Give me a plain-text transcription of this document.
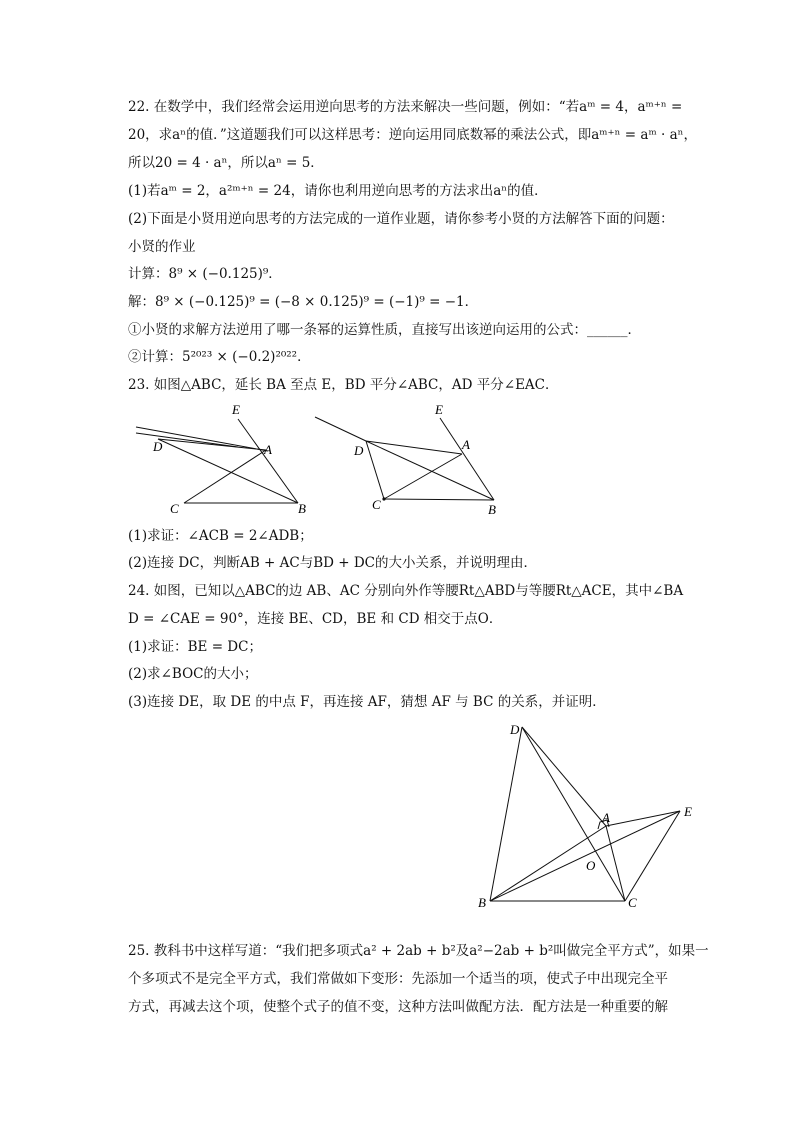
22. 在数学中，我们经常会运用逆向思考的方法来解决一些问题，例如：“若aᵐ = 4，aᵐ⁺ⁿ =
20，求aⁿ的值．”这道题我们可以这样思考：逆向运用同底数幂的乘法公式，即aᵐ⁺ⁿ = aᵐ · aⁿ，
所以20 = 4 · aⁿ，所以aⁿ = 5．
(1)若aᵐ = 2，a²ᵐ⁺ⁿ = 24，请你也利用逆向思考的方法求出aⁿ的值．
(2)下面是小贤用逆向思考的方法完成的一道作业题，请你参考小贤的方法解答下面的问题：
小贤的作业
计算：8⁹ × (−0.125)⁹．
解：8⁹ × (−0.125)⁹ = (−8 × 0.125)⁹ = (−1)⁹ = −1．
①小贤的求解方法逆用了哪一条幂的运算性质，直接写出该逆向运用的公式：______．
②计算：5²⁰²³ × (−0.2)²⁰²²．
23. 如图△ABC，延长 BA 至点 E，BD 平分∠ABC，AD 平分∠EAC．
E
A
D
C	B
E
A
D
C	B
(1)求证：∠ACB = 2∠ADB；
(2)连接 DC，判断AB + AC与BD + DC的大小关系，并说明理由．
24. 如图，已知以△ABC的边 AB、AC 分别向外作等腰Rt△ABD与等腰Rt△ACE，其中∠BA
D = ∠CAE = 90°，连接 BE、CD，BE 和 CD 相交于点O．
(1)求证：BE = DC；
(2)求∠BOC的大小；
(3)连接 DE，取 DE 的中点 F，再连接 AF，猜想 AF 与 BC 的关系，并证明．
D
A	E
O
B	C
25. 教科书中这样写道：“我们把多项式a² + 2ab + b²及a²−2ab + b²叫做完全平方式”，如果一
个多项式不是完全平方式，我们常做如下变形：先添加一个适当的项，使式子中出现完全平
方式，再减去这个项，使整个式子的值不变，这种方法叫做配方法．配方法是一种重要的解
